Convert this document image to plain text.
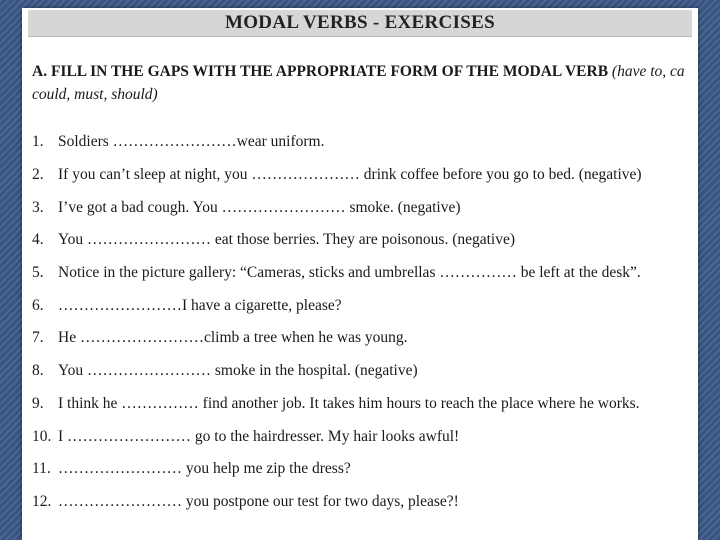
MODAL VERBS - EXERCISES
A. FILL IN THE GAPS WITH THE APPROPRIATE FORM OF THE MODAL VERB (have to, ca
could, must, should)
1. Soldiers ……………………wear uniform.
2. If you can’t sleep at night, you ………………… drink coffee before you go to bed. (negative)
3. I’ve got a bad cough. You …………………… smoke. (negative)
4. You …………………… eat those berries. They are poisonous. (negative)
5. Notice in the picture gallery: “Cameras, sticks and umbrellas …………… be left at the desk”.
6. ……………………I have a cigarette, please?
7. He ……………………climb a tree when he was young.
8. You …………………… smoke in the hospital. (negative)
9. I think he …………… find another job. It takes him hours to reach the place where he works.
10. I …………………… go to the hairdresser. My hair looks awful!
11. …………………… you help me zip the dress?
12. …………………… you postpone our test for two days, please?!
